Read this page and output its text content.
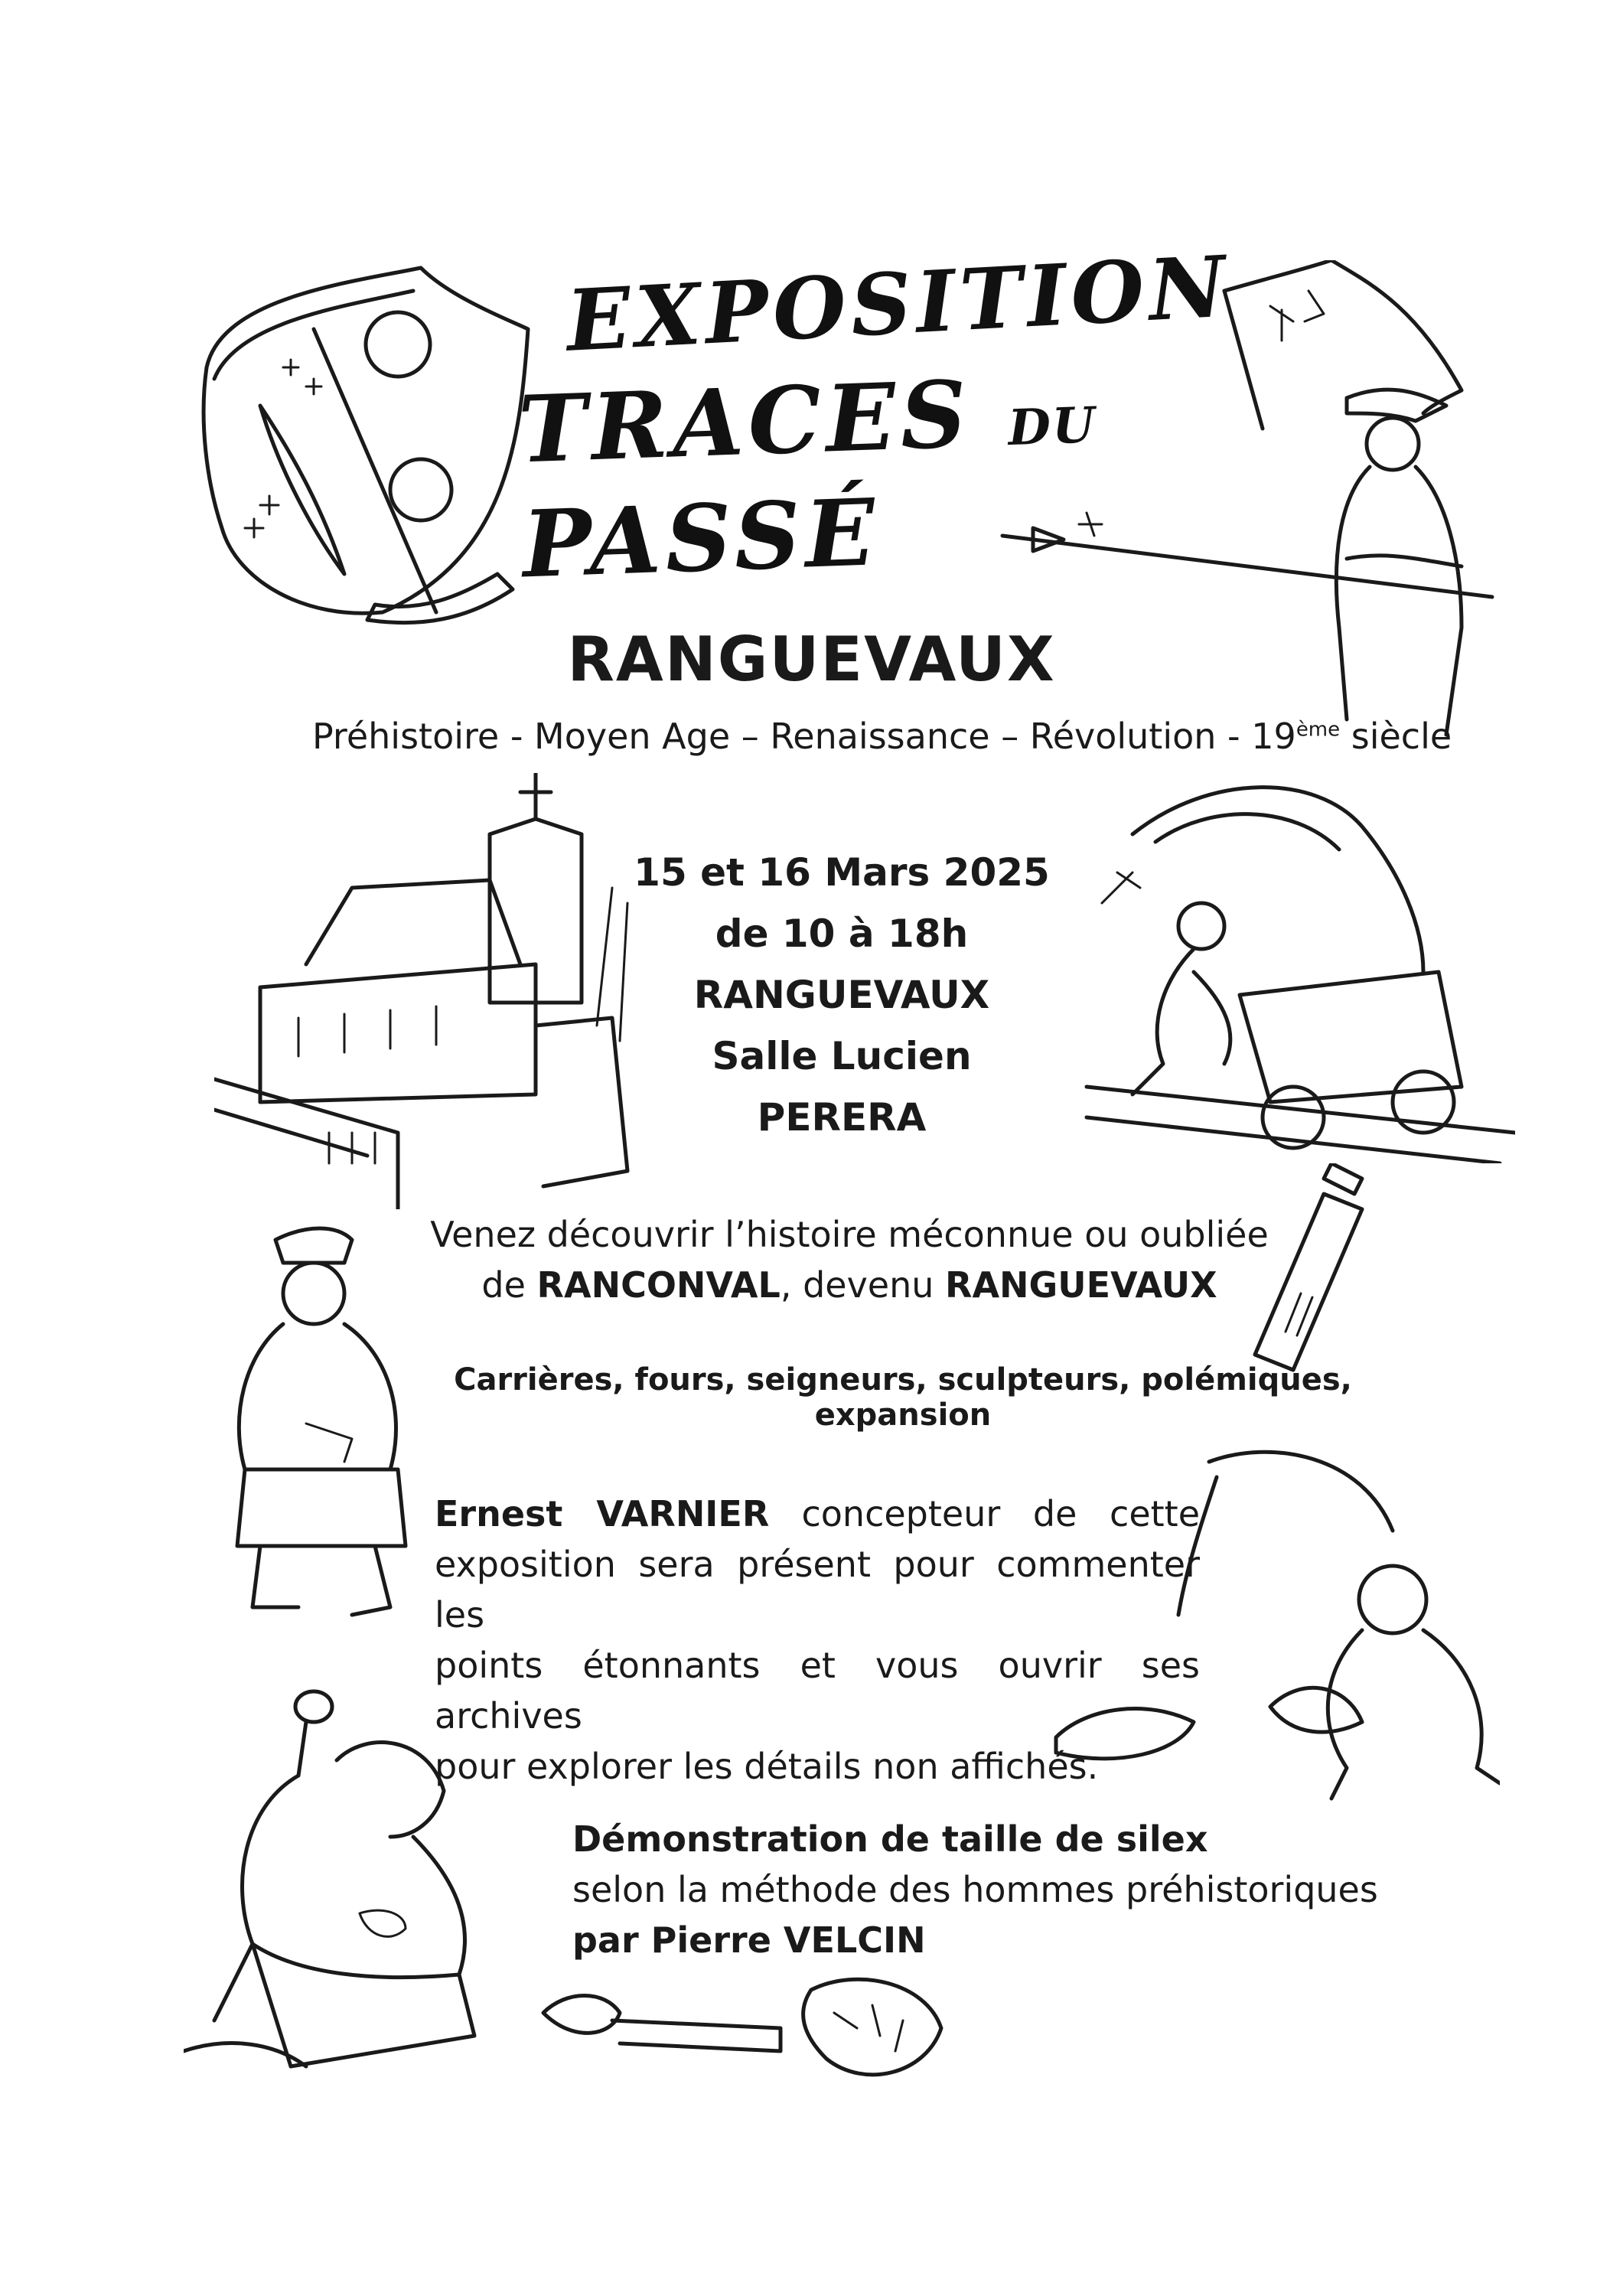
EXPOSITION
TRACES DU PASSÉ
RANGUEVAUX
Préhistoire - Moyen Age – Renaissance – Révolution - 19ème siècle
15 et 16 Mars 2025
de 10 à 18h
RANGUEVAUX
Salle Lucien PERERA
Venez découvrir l’histoire méconnue ou oubliée
de RANCONVAL, devenu RANGUEVAUX
Carrières, fours, seigneurs, sculpteurs, polémiques, expansion
Ernest VARNIER concepteur de cette
exposition sera présent pour commenter les
points étonnants et vous ouvrir ses archives
pour explorer les détails non affichés.
Démonstration de taille de silex
selon la méthode des hommes préhistoriques
par Pierre VELCIN
